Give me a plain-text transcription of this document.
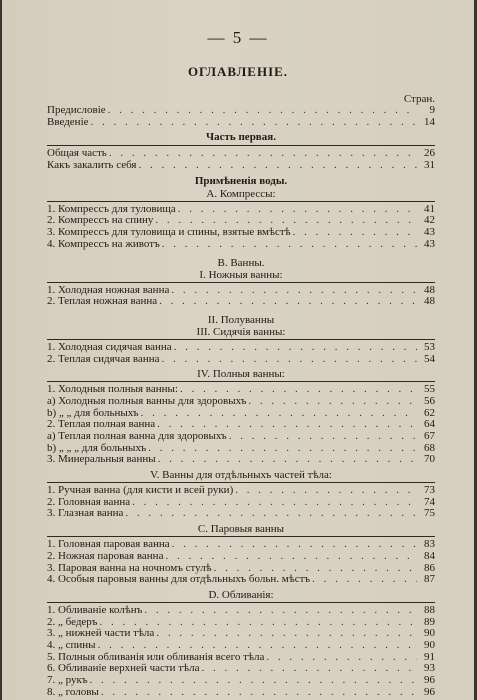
— 5 —
ОГЛАВЛЕНІЕ.
Стран.
Предисловіе . . .	9
Введеніе . . .	14
Часть первая.
Общая часть . . .	26
Какъ закалить себя . . .	31
Примѣненія воды.
А. Компрессы:
1. Компрессъ для туловища . . .	41
2. Компрессъ на спину . . .	42
3. Компрессъ для туловища и спины, взятые вмѣстѣ . . .	43
4. Компрессъ на животъ . . .	43
В. Ванны.
I. Ножныя ванны:
1. Холодная ножная ванна . . .	48
2. Теплая ножная ванна . . .	48
II. Полуванны
III. Сидячія ванны:
1. Холодная сидячая ванна . . .	53
2. Теплая сидячая ванна . . .	54
IV. Полныя ванны:
1. Холодныя полныя ванны: . . .	55
а) Холодныя полныя ванны для здоровыхъ . . .	56
b) „ „ для больныхъ . . .	62
2. Теплая полная ванна . . .	64
а) Теплая полная ванна для здоровыхъ . . .	67
b) „ „ „ для больныхъ . . .	68
3. Минеральныя ванны . . .	70
V. Ванны для отдѣльныхъ частей тѣла:
1. Ручная ванна (для кисти и всей руки) . . .	73
2. Головная ванна . . .	74
3. Глазная ванна . . .	75
С. Паровыя ванны
1. Головная паровая ванна . . .	83
2. Ножная паровая ванна . . .	84
3. Паровая ванна на ночномъ стулѣ . . .	86
4. Особыя паровыя ванны для отдѣльныхъ больн. мѣстъ . . .	87
D. Обливанія:
1. Обливаніе колѣнъ . . .	88
2. „ бедеръ . . .	89
3. „ нижней части тѣла . . .	90
4. „ спины . . .	90
5. Полныя обливанія или обливанія всего тѣла . . .	91
6. Обливаніе верхней части тѣла . . .	93
7. „ рукъ . . .	96
8. „ головы . . .	96
